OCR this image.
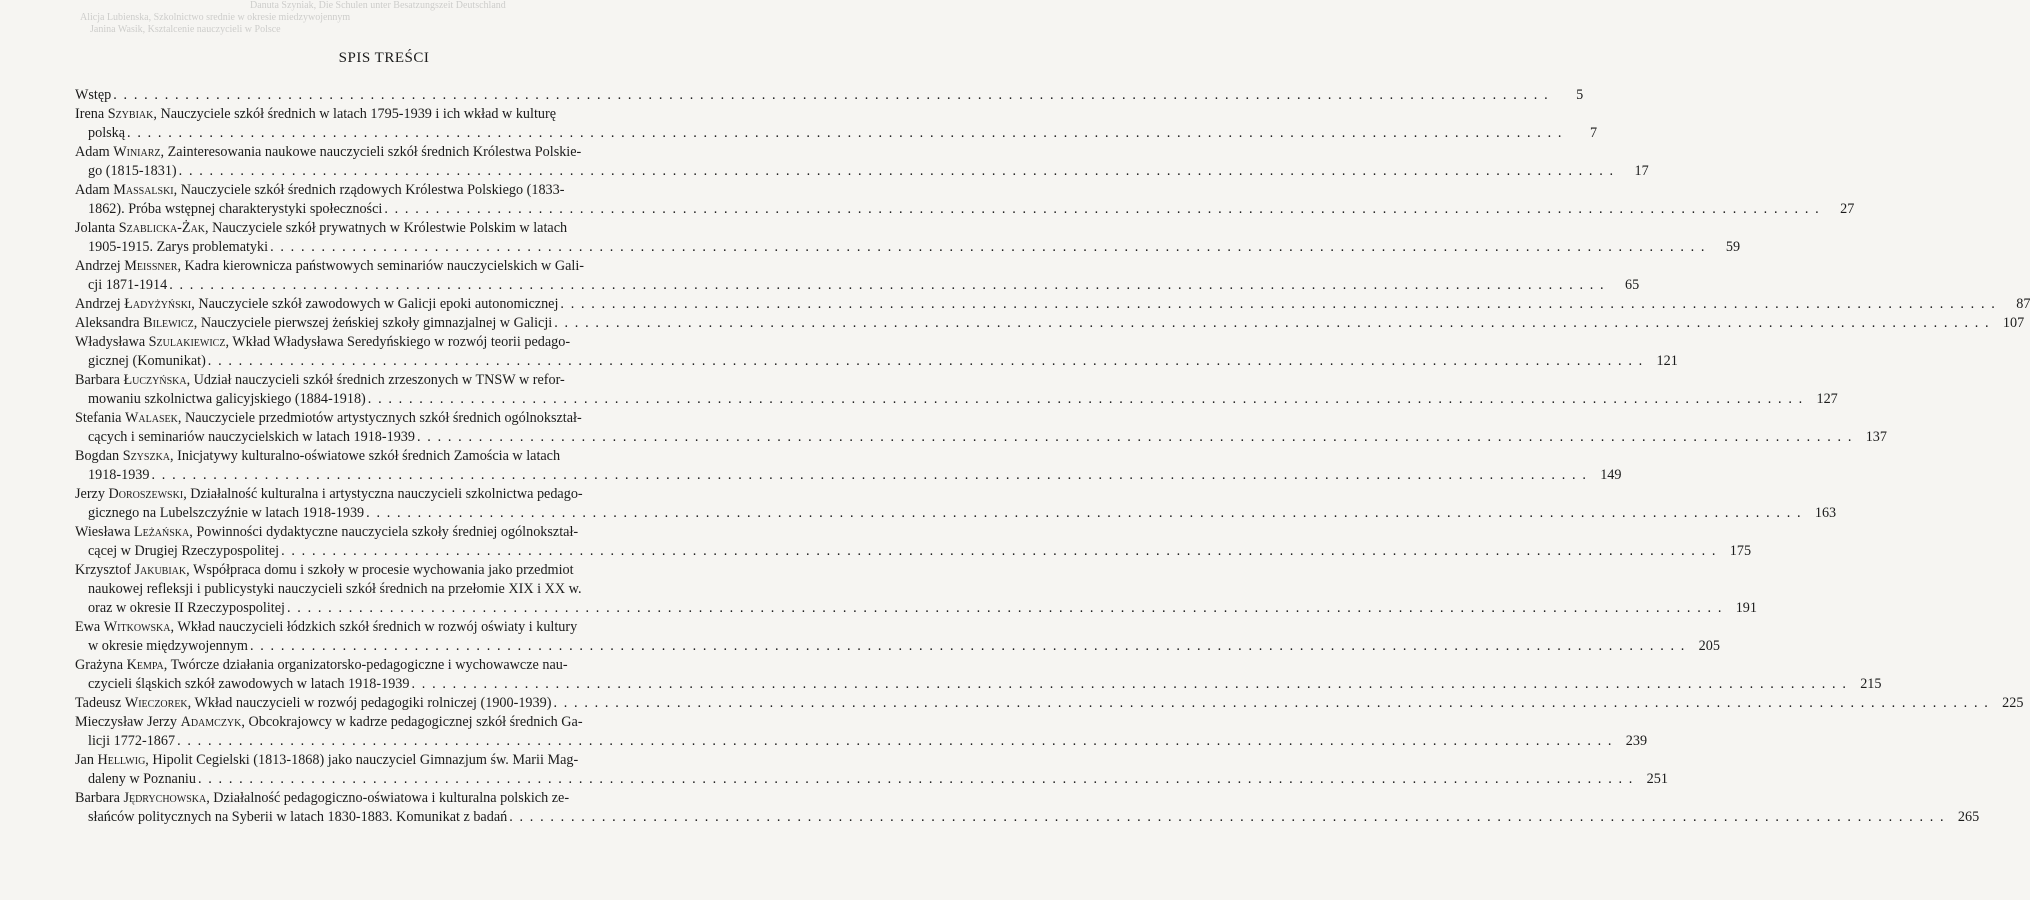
Danuta Szyniak, Die Schulen unter Besatzungszeit Deutschland
Alicja Lubienska, Szkolnictwo srednie w okresie miedzywojennym
Janina Wasik, Ksztalcenie nauczycieli w Polsce
SPIS TREŚCI
Wstęp . . . . . . . . . . . . . . . . . . . . . . . . . . . . . . . . . . . . . . . . . . . . . . . . . . . . . . . . . . . . . . . . . . . . . . . . . . . . . . . . . . . . . . . . . . . . . . . . . . . . . . . . . . . . . . . . . . . . . . . . . . . . . . . . . . . . . . . . . . . .	5
Irena Szybiak, Nauczyciele szkół średnich w latach 1795-1939 i ich wkład w kulturę
polską . . . . . . . . . . . . . . . . . . . . . . . . . . . . . . . . . . . . . . . . . . . . . . . . . . . . . . . . . . . . . . . . . . . . . . . . . . . . . . . . . . . . . . . . . . . . . . . . . . . . . . . . . . . . . . . . . . . . . . . . . . . . . . . . . . . . . . . . . . . .	7
Adam Winiarz, Zainteresowania naukowe nauczycieli szkół średnich Królestwa Polskie-
go (1815-1831) . . . . . . . . . . . . . . . . . . . . . . . . . . . . . . . . . . . . . . . . . . . . . . . . . . . . . . . . . . . . . . . . . . . . . . . . . . . . . . . . . . . . . . . . . . . . . . . . . . . . . . . . . . . . . . . . . . . . . . . . . . . . . . . . . . . . . . . . . . . .	17
Adam Massalski, Nauczyciele szkół średnich rządowych Królestwa Polskiego (1833-
1862). Próba wstępnej charakterystyki społeczności . . . . . . . . . . . . . . . . . . . . . . . . . . . . . . . . . . . . . . . . . . . . . . . . . . . . . . . . . . . . . . . . . . . . . . . . . . . . . . . . . . . . . . . . . . . . . . . . . . . . . . . . . . . . . . . . . . . . . . . . . . . . . . . . . . . . . . . . . . . .	27
Jolanta Szablicka-Żak, Nauczyciele szkół prywatnych w Królestwie Polskim w latach
1905-1915. Zarys problematyki . . . . . . . . . . . . . . . . . . . . . . . . . . . . . . . . . . . . . . . . . . . . . . . . . . . . . . . . . . . . . . . . . . . . . . . . . . . . . . . . . . . . . . . . . . . . . . . . . . . . . . . . . . . . . . . . . . . . . . . . . . . . . . . . . . . . . . . . . . . .	59
Andrzej Meissner, Kadra kierownicza państwowych seminariów nauczycielskich w Gali-
cji 1871-1914 . . . . . . . . . . . . . . . . . . . . . . . . . . . . . . . . . . . . . . . . . . . . . . . . . . . . . . . . . . . . . . . . . . . . . . . . . . . . . . . . . . . . . . . . . . . . . . . . . . . . . . . . . . . . . . . . . . . . . . . . . . . . . . . . . . . . . . . . . . . .	65
Andrzej Ładyżyński, Nauczyciele szkół zawodowych w Galicji epoki autonomicznej . . . . . . . . . . . . . . . . . . . . . . . . . . . . . . . . . . . . . . . . . . . . . . . . . . . . . . . . . . . . . . . . . . . . . . . . . . . . . . . . . . . . . . . . . . . . . . . . . . . . . . . . . . . . . . . . . . . . . . . . . . . . . . . . . . . . . . . . . . . .	87
Aleksandra Bilewicz, Nauczyciele pierwszej żeńskiej szkoły gimnazjalnej w Galicji . . . . . . . . . . . . . . . . . . . . . . . . . . . . . . . . . . . . . . . . . . . . . . . . . . . . . . . . . . . . . . . . . . . . . . . . . . . . . . . . . . . . . . . . . . . . . . . . . . . . . . . . . . . . . . . . . . . . . . . . . . . . . . . . . . . . . . . . . . . . 107
Władysława Szulakiewicz, Wkład Władysława Seredyńskiego w rozwój teorii pedago-
gicznej (Komunikat) . . . . . . . . . . . . . . . . . . . . . . . . . . . . . . . . . . . . . . . . . . . . . . . . . . . . . . . . . . . . . . . . . . . . . . . . . . . . . . . . . . . . . . . . . . . . . . . . . . . . . . . . . . . . . . . . . . . . . . . . . . . . . . . . . . . . . . . . . . . . 121
Barbara Łuczyńska, Udział nauczycieli szkół średnich zrzeszonych w TNSW w refor-
mowaniu szkolnictwa galicyjskiego (1884-1918) . . . . . . . . . . . . . . . . . . . . . . . . . . . . . . . . . . . . . . . . . . . . . . . . . . . . . . . . . . . . . . . . . . . . . . . . . . . . . . . . . . . . . . . . . . . . . . . . . . . . . . . . . . . . . . . . . . . . . . . . . . . . . . . . . . . . . . . . . . . . 127
Stefania Walasek, Nauczyciele przedmiotów artystycznych szkół średnich ogólnokształ-
cących i seminariów nauczycielskich w latach 1918-1939 . . . . . . . . . . . . . . . . . . . . . . . . . . . . . . . . . . . . . . . . . . . . . . . . . . . . . . . . . . . . . . . . . . . . . . . . . . . . . . . . . . . . . . . . . . . . . . . . . . . . . . . . . . . . . . . . . . . . . . . . . . . . . . . . . . . . . . . . . . . . 137
Bogdan Szyszka, Inicjatywy kulturalno-oświatowe szkół średnich Zamościa w latach
1918-1939 . . . . . . . . . . . . . . . . . . . . . . . . . . . . . . . . . . . . . . . . . . . . . . . . . . . . . . . . . . . . . . . . . . . . . . . . . . . . . . . . . . . . . . . . . . . . . . . . . . . . . . . . . . . . . . . . . . . . . . . . . . . . . . . . . . . . . . . . . . . . 149
Jerzy Doroszewski, Działalność kulturalna i artystyczna nauczycieli szkolnictwa pedago-
gicznego na Lubelszczyźnie w latach 1918-1939 . . . . . . . . . . . . . . . . . . . . . . . . . . . . . . . . . . . . . . . . . . . . . . . . . . . . . . . . . . . . . . . . . . . . . . . . . . . . . . . . . . . . . . . . . . . . . . . . . . . . . . . . . . . . . . . . . . . . . . . . . . . . . . . . . . . . . . . . . . . . 163
Wiesława Leżańska, Powinności dydaktyczne nauczyciela szkoły średniej ogólnokształ-
cącej w Drugiej Rzeczypospolitej . . . . . . . . . . . . . . . . . . . . . . . . . . . . . . . . . . . . . . . . . . . . . . . . . . . . . . . . . . . . . . . . . . . . . . . . . . . . . . . . . . . . . . . . . . . . . . . . . . . . . . . . . . . . . . . . . . . . . . . . . . . . . . . . . . . . . . . . . . . . 175
Krzysztof Jakubiak, Współpraca domu i szkoły w procesie wychowania jako przedmiot
naukowej refleksji i publicystyki nauczycieli szkół średnich na przełomie XIX i XX w.
oraz w okresie II Rzeczypospolitej . . . . . . . . . . . . . . . . . . . . . . . . . . . . . . . . . . . . . . . . . . . . . . . . . . . . . . . . . . . . . . . . . . . . . . . . . . . . . . . . . . . . . . . . . . . . . . . . . . . . . . . . . . . . . . . . . . . . . . . . . . . . . . . . . . . . . . . . . . . . 191
Ewa Witkowska, Wkład nauczycieli łódzkich szkół średnich w rozwój oświaty i kultury
w okresie międzywojennym . . . . . . . . . . . . . . . . . . . . . . . . . . . . . . . . . . . . . . . . . . . . . . . . . . . . . . . . . . . . . . . . . . . . . . . . . . . . . . . . . . . . . . . . . . . . . . . . . . . . . . . . . . . . . . . . . . . . . . . . . . . . . . . . . . . . . . . . . . . . 205
Grażyna Kempa, Twórcze działania organizatorsko-pedagogiczne i wychowawcze nau-
czycieli śląskich szkół zawodowych w latach 1918-1939 . . . . . . . . . . . . . . . . . . . . . . . . . . . . . . . . . . . . . . . . . . . . . . . . . . . . . . . . . . . . . . . . . . . . . . . . . . . . . . . . . . . . . . . . . . . . . . . . . . . . . . . . . . . . . . . . . . . . . . . . . . . . . . . . . . . . . . . . . . . . 215
Tadeusz Wieczorek, Wkład nauczycieli w rozwój pedagogiki rolniczej (1900-1939) . . . . . . . . . . . . . . . . . . . . . . . . . . . . . . . . . . . . . . . . . . . . . . . . . . . . . . . . . . . . . . . . . . . . . . . . . . . . . . . . . . . . . . . . . . . . . . . . . . . . . . . . . . . . . . . . . . . . . . . . . . . . . . . . . . . . . . . . . . . . 225
Mieczysław Jerzy Adamczyk, Obcokrajowcy w kadrze pedagogicznej szkół średnich Ga-
licji 1772-1867 . . . . . . . . . . . . . . . . . . . . . . . . . . . . . . . . . . . . . . . . . . . . . . . . . . . . . . . . . . . . . . . . . . . . . . . . . . . . . . . . . . . . . . . . . . . . . . . . . . . . . . . . . . . . . . . . . . . . . . . . . . . . . . . . . . . . . . . . . . . . 239
Jan Hellwig, Hipolit Cegielski (1813-1868) jako nauczyciel Gimnazjum św. Marii Mag-
daleny w Poznaniu . . . . . . . . . . . . . . . . . . . . . . . . . . . . . . . . . . . . . . . . . . . . . . . . . . . . . . . . . . . . . . . . . . . . . . . . . . . . . . . . . . . . . . . . . . . . . . . . . . . . . . . . . . . . . . . . . . . . . . . . . . . . . . . . . . . . . . . . . . . . 251
Barbara Jędrychowska, Działalność pedagogiczno-oświatowa i kulturalna polskich ze-
słańców politycznych na Syberii w latach 1830-1883. Komunikat z badań . . . . . . . . . . . . . . . . . . . . . . . . . . . . . . . . . . . . . . . . . . . . . . . . . . . . . . . . . . . . . . . . . . . . . . . . . . . . . . . . . . . . . . . . . . . . . . . . . . . . . . . . . . . . . . . . . . . . . . . . . . . . . . . . . . . . . . . . . . . . 265
